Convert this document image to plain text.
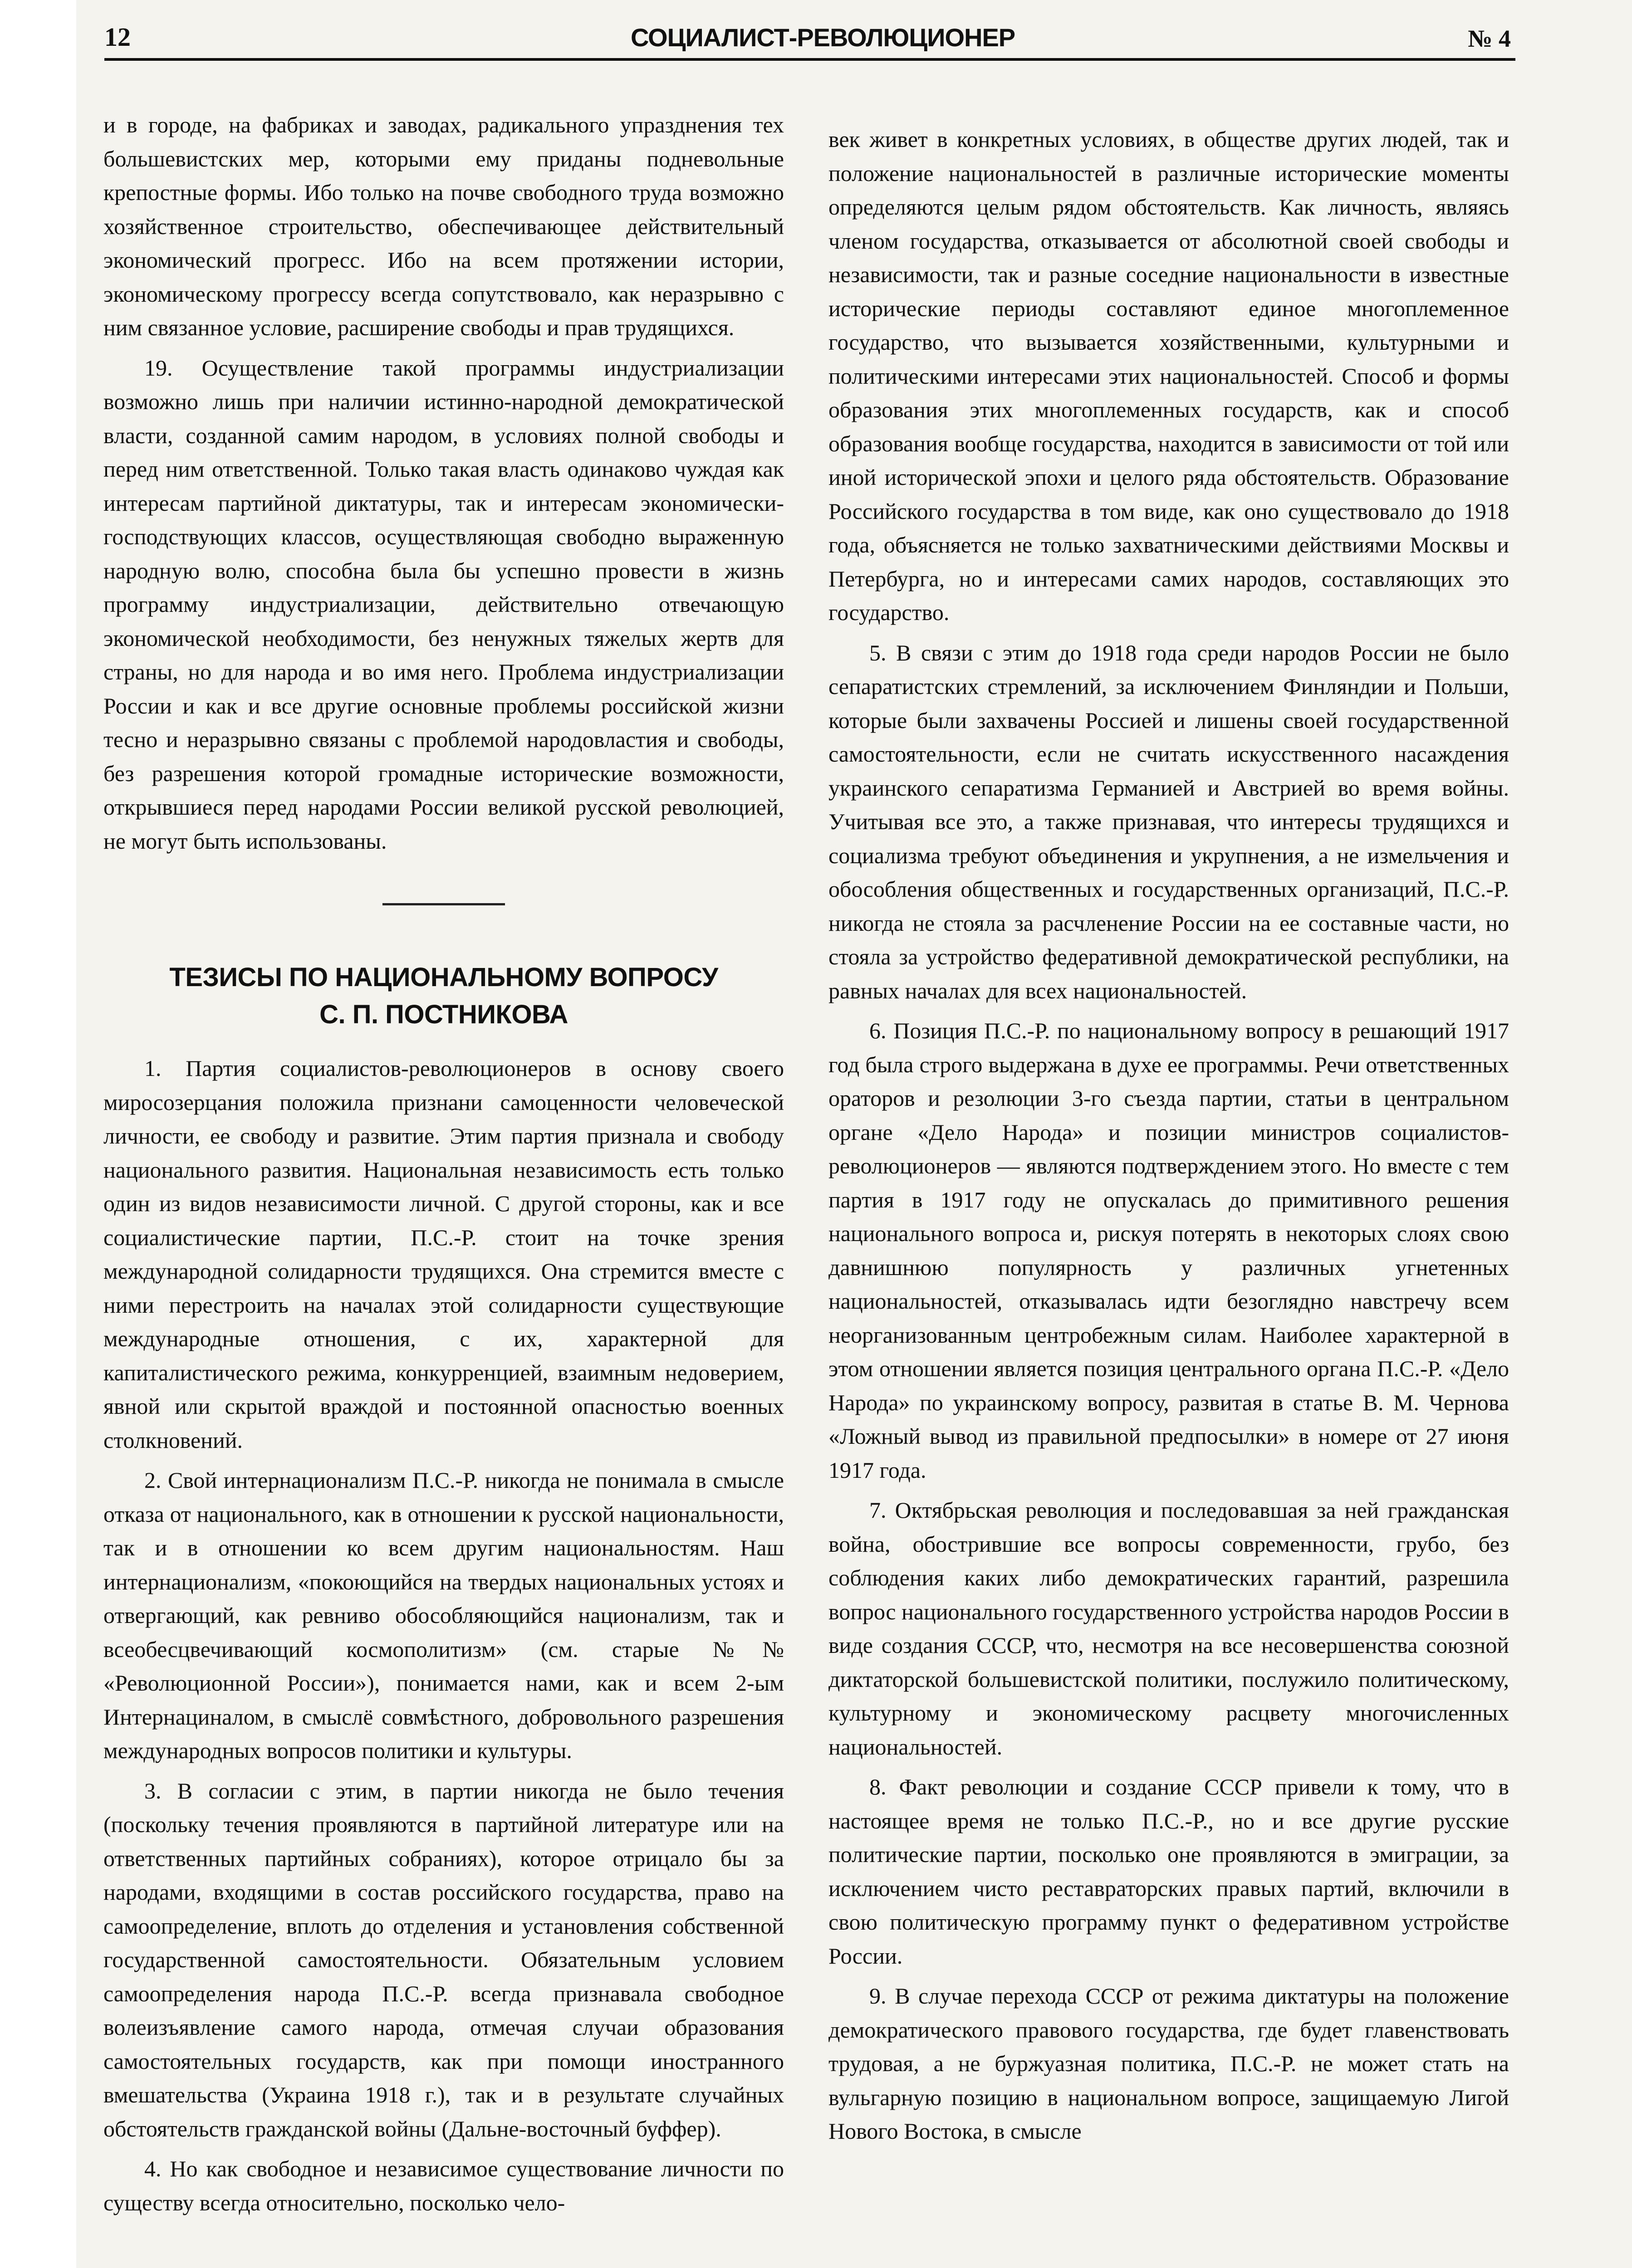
12	СОЦИАЛИСТ-РЕВОЛЮЦИОНЕР	№ 4

и в городе, на фабриках и заводах, радикального упразднения тех большевистских мер, которыми ему приданы подневольные крепостные формы. Ибо только на почве свободного труда возможно хозяйственное строительство, обеспечивающее действительный экономический прогресс. Ибо на всем протяжении истории, экономическому прогрессу всегда сопутствовало, как неразрывно с ним связанное условие, расширение свободы и прав трудящихся.

19. Осуществление такой программы индустриализации возможно лишь при наличии истинно-народной демократической власти, созданной самим народом, в условиях полной свободы и перед ним ответственной. Только такая власть одинаково чуждая как интересам партийной диктатуры, так и интересам экономически-господствующих классов, осуществляющая свободно выраженную народную волю, способна была бы успешно провести в жизнь программу индустриализации, действительно отвечающую экономической необходимости, без ненужных тяжелых жертв для страны, но для народа и во имя него. Проблема индустриализации России и как и все другие основные проблемы российской жизни тесно и неразрывно связаны с проблемой народовластия и свободы, без разрешения которой громадные исторические возможности, открывшиеся перед народами России великой русской революцией, не могут быть использованы.

ТЕЗИСЫ ПО НАЦИОНАЛЬНОМУ ВОПРОСУ
С. П. ПОСТНИКОВА

1. Партия социалистов-революционеров в основу своего миросозерцания положила признани самоценности человеческой личности, ее свободу и развитие. Этим партия признала и свободу национального развития. Национальная независимость есть только один из видов независимости личной. С другой стороны, как и все социалистические партии, П.С.-Р. стоит на точке зрения международной солидарности трудящихся. Она стремится вместе с ними перестроить на началах этой солидарности существующие международные отношения, с их, характерной для капиталистического режима, конкурренцией, взаимным недоверием, явной или скрытой враждой и постоянной опасностью военных столкновений.

2. Свой интернационализм П.С.-Р. никогда не понимала в смысле отказа от национального, как в отношении к русской национальности, так и в отношении ко всем другим национальностям. Наш интернационализм, «покоющийся на твердых национальных устоях и отвергающий, как ревниво обособляющийся национализм, так и всеобесцвечивающий космополитизм» (см. старые №№ «Революционной России»), понимается нами, как и всем 2-ым Интернациналом, в смыслё совмѣстного, добровольного разрешения международных вопросов политики и культуры.

3. В согласии с этим, в партии никогда не было течения (поскольку течения проявляются в партийной литературе или на ответственных партийных собраниях), которое отрицало бы за народами, входящими в состав российского государства, право на самоопределение, вплоть до отделения и установления собственной государственной самостоятельности. Обязательным условием самоопределения народа П.С.-Р. всегда признавала свободное волеизъявление самого народа, отмечая случаи образования самостоятельных государств, как при помощи иностранного вмешательства (Украина 1918 г.), так и в результате случайных обстоятельств гражданской войны (Дальне-восточный буффер).

4. Но как свободное и независимое существование личности по существу всегда относительно, посколько чело-

век живет в конкретных условиях, в обществе других людей, так и положение национальностей в различные исторические моменты определяются целым рядом обстоятельств. Как личность, являясь членом государства, отказывается от абсолютной своей свободы и независимости, так и разные соседние национальности в известные исторические периоды составляют единое многоплеменное государство, что вызывается хозяйственными, культурными и политическими интересами этих национальностей. Способ и формы образования этих многоплеменных государств, как и способ образования вообще государства, находится в зависимости от той или иной исторической эпохи и целого ряда обстоятельств. Образование Российского государства в том виде, как оно существовало до 1918 года, объясняется не только захватническими действиями Москвы и Петербурга, но и интересами самих народов, составляющих это государство.

5. В связи с этим до 1918 года среди народов России не было сепаратистских стремлений, за исключением Финляндии и Польши, которые были захвачены Россией и лишены своей государственной самостоятельности, если не считать искусственного насаждения украинского сепаратизма Германией и Австрией во время войны. Учитывая все это, а также признавая, что интересы трудящихся и социализма требуют объединения и укрупнения, а не измельчения и обособления общественных и государственных организаций, П.С.-Р. никогда не стояла за расчленение России на ее составные части, но стояла за устройство федеративной демократической республики, на равных началах для всех национальностей.

6. Позиция П.С.-Р. по национальному вопросу в решающий 1917 год была строго выдержана в духе ее программы. Речи ответственных ораторов и резолюции 3-го съезда партии, статьи в центральном органе «Дело Народа» и позиции министров социалистов-революционеров — являются подтверждением этого. Но вместе с тем партия в 1917 году не опускалась до примитивного решения национального вопроса и, рискуя потерять в некоторых слоях свою давнишнюю популярность у различных угнетенных национальностей, отказывалась идти безоглядно навстречу всем неорганизованным центробежным силам. Наиболее характерной в этом отношении является позиция центрального органа П.С.-Р. «Дело Народа» по украинскому вопросу, развитая в статье В. М. Чернова «Ложный вывод из правильной предпосылки» в номере от 27 июня 1917 года.

7. Октябрьская революция и последовавшая за ней гражданская война, обострившие все вопросы современности, грубо, без соблюдения каких либо демократических гарантий, разрешила вопрос национального государственного устройства народов России в виде создания СССР, что, несмотря на все несовершенства союзной диктаторской большевистской политики, послужило политическому, культурному и экономическому расцвету многочисленных национальностей.

8. Факт революции и создание СССР привели к тому, что в настоящее время не только П.С.-Р., но и все другие русские политические партии, посколько оне проявляются в эмиграции, за исключением чисто реставраторских правых партий, включили в свою политическую программу пункт о федеративном устройстве России.

9. В случае перехода СССР от режима диктатуры на положение демократического правового государства, где будет главенствовать трудовая, а не буржуазная политика, П.С.-Р. не может стать на вульгарную позицию в национальном вопросе, защищаемую Лигой Нового Востока, в смысле
